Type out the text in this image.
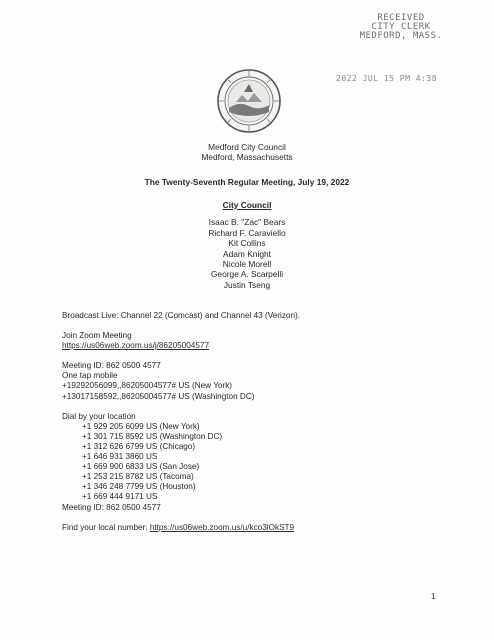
RECEIVED
CITY CLERK
MEDFORD, MASS.
2022 JUL 15 PM 4:38
Medford City Council
Medford, Massachusetts
The Twenty-Seventh Regular Meeting, July 19, 2022
City Council
Isaac B. "Zac" Bears
Richard F. Caraviello
Kit Collins
Adam Knight
Nicole Morell
George A. Scarpelli
Justin Tseng
Broadcast Live: Channel 22 (Comcast) and Channel 43 (Verizon).
Join Zoom Meeting
https://us06web.zoom.us/j/86205004577
Meeting ID: 862 0500 4577
One tap mobile
+19292056099,,86205004577# US (New York)
+13017158592,,86205004577# US (Washington DC)
Dial by your location
+1 929 205 6099 US (New York)
+1 301 715 8592 US (Washington DC)
+1 312 626 6799 US (Chicago)
+1 646 931 3860 US
+1 669 900 6833 US (San Jose)
+1 253 215 8782 US (Tacoma)
+1 346 248 7799 US (Houston)
+1 669 444 9171 US
Meeting ID: 862 0500 4577
Find your local number: https://us06web.zoom.us/u/kco3lOkST9
1
